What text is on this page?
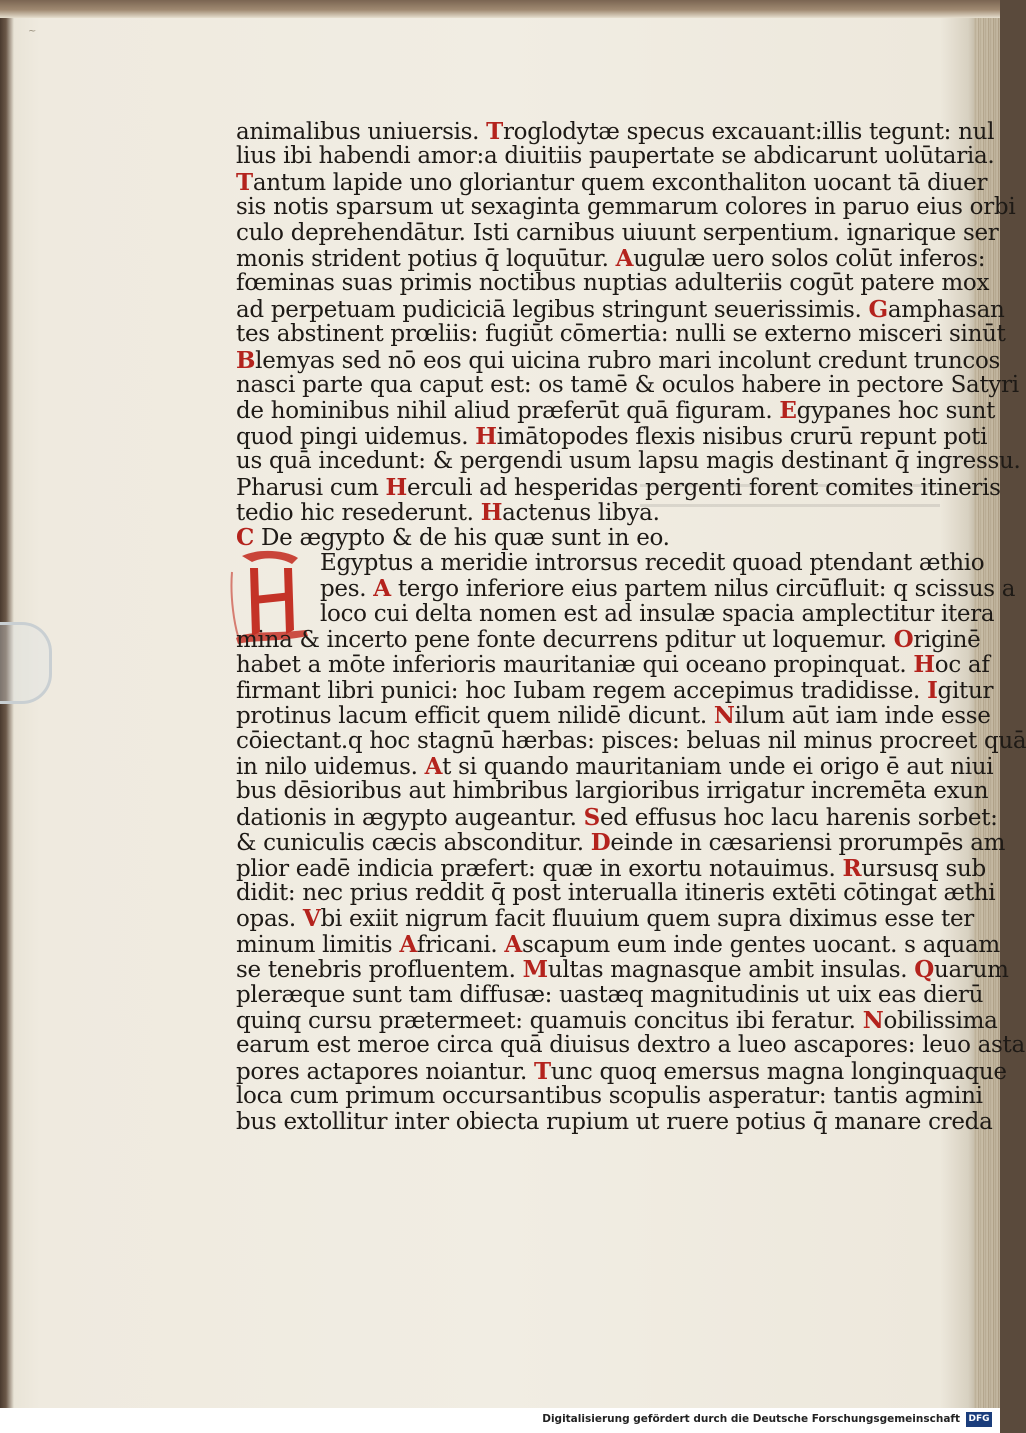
~
animalibus uniuersis. Troglodytæ specus excauant:illis tegunt: nul
lius ibi habendi amor:a diuitiis paupertate se abdicarunt uolūtaria.
Tantum lapide uno gloriantur quem exconthaliton uocant tā diuer
sis notis sparsum ut sexaginta gemmarum colores in paruo eius orbi
culo deprehendātur. Isti carnibus uiuunt serpentium. ignarique ser
monis strident potius q̄ loquūtur. Augulæ uero solos colūt inferos:
fœminas suas primis noctibus nuptias adulteriis cogūt patere mox
ad perpetuam pudiciciā legibus stringunt seuerissimis. Gamphasan
tes abstinent prœliis: fugiūt cōmertia: nulli se externo misceri sinūt
Blemyas sed nō eos qui uicina rubro mari incolunt credunt truncos
nasci parte qua caput est: os tamē & oculos habere in pectore Satyri
de hominibus nihil aliud præferūt quā figuram. Egypanes hoc sunt
quod pingi uidemus. Himātopodes flexis nisibus crurū repunt poti
us quā incedunt: & pergendi usum lapsu magis destinant q̄ ingressu.
Pharusi cum Herculi ad hesperidas pergenti forent comites itineris
tedio hic resederunt. Hactenus libya.
C De ægypto & de his quæ sunt in eo.
Egyptus a meridie introrsus recedit quoad ptendant æthio
pes. A tergo inferiore eius partem nilus circūfluit: q scissus a
loco cui delta nomen est ad insulæ spacia amplectitur itera
mina & incerto pene fonte decurrens pditur ut loquemur. Originē
habet a mōte inferioris mauritaniæ qui oceano propinquat. Hoc af
firmant libri punici: hoc Iubam regem accepimus tradidisse. Igitur
protinus lacum efficit quem nilidē dicunt. Nilum aūt iam inde esse
cōiectant.q hoc stagnū hærbas: pisces: beluas nil minus procreet quā
in nilo uidemus. At si quando mauritaniam unde ei origo ē aut niui
bus dēsioribus aut himbribus largioribus irrigatur incremēta exun
dationis in ægypto augeantur. Sed effusus hoc lacu harenis sorbet:
& cuniculis cæcis absconditur. Deinde in cæsariensi prorumpēs am
plior eadē indicia præfert: quæ in exortu notauimus. Rursusq sub
didit: nec prius reddit q̄ post interualla itineris extēti cōtingat æthi
opas. Vbi exiit nigrum facit fluuium quem supra diximus esse ter
minum limitis Africani. Ascapum eum inde gentes uocant. s aquam
se tenebris profluentem. Multas magnasque ambit insulas. Quarum
pleræque sunt tam diffusæ: uastæq magnitudinis ut uix eas dierū
quinq cursu prætermeet: quamuis concitus ibi feratur. Nobilissima
earum est meroe circa quā diuisus dextro a lueo ascapores: leuo asta
pores actapores noiantur. Tunc quoq emersus magna longinquaque
loca cum primum occursantibus scopulis asperatur: tantis agmini
bus extollitur inter obiecta rupium ut ruere potius q̄ manare creda
Digitalisierung gefördert durch die Deutsche Forschungsgemeinschaft DFG
